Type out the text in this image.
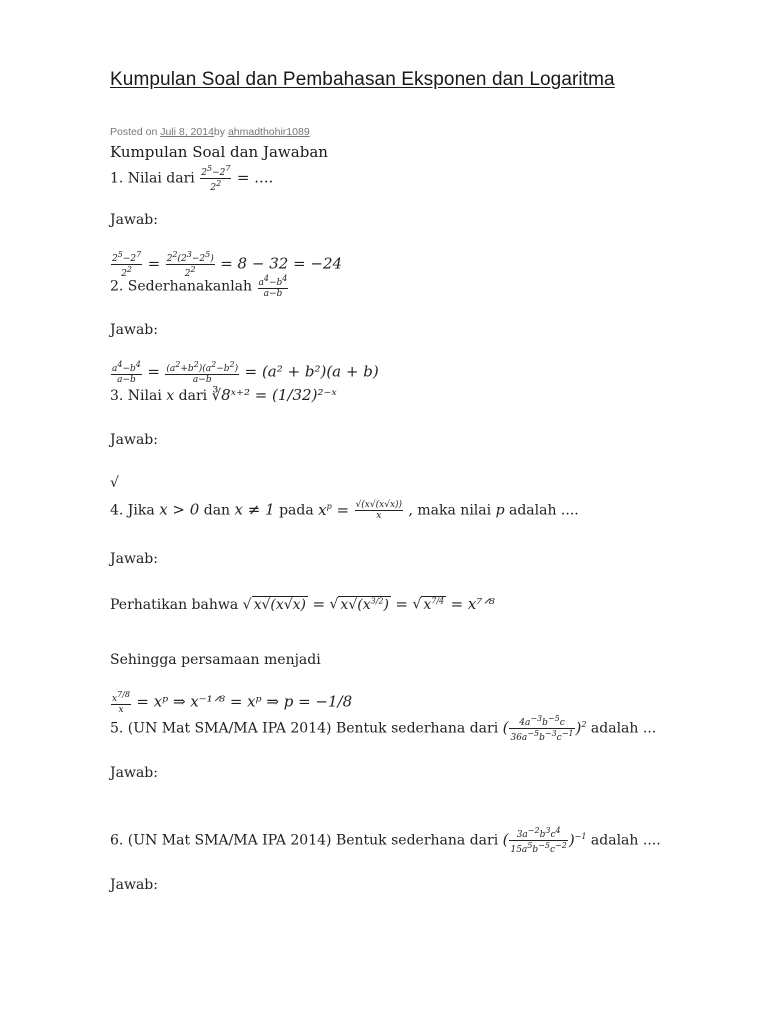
Kumpulan Soal dan Pembahasan Eksponen dan Logaritma
Posted on Juli 8, 2014by ahmadthohir1089
Kumpulan Soal dan Jawaban
1. Nilai dari $\frac{2^5-2^7}{2^2}$ = ....
Jawab:
$\frac{2^5-2^7}{2^2} = \frac{2^2(2^3-2^5)}{2^2} = 8 - 32 = -24$
2. Sederhanakanlah $\frac{a^4-b^4}{a-b}$
Jawab:
$\frac{a^4-b^4}{a-b} = \frac{(a^2+b^2)(a^2-b^2)}{a-b} = (a^2 + b^2)(a + b)$
3. Nilai x dari ∛8ˣ⁺² = (1/32)²⁻ˣ
Jawab:
√
4. Jika x > 0 dan x ≠ 1 pada $x^p = \frac{√(x√(x√x))}{x}$ , maka nilai p adalah ....
Jawab:
Perhatikan bahwa √ x√(x√x) = √ $x√(x^{3/2})$ = √ $x^{7/4}$ = x⁷ᐟ⁸
Sehingga persamaan menjadi
$\frac{x^{7/8}}{x}$ = xᵖ ⇒ x⁻¹ᐟ⁸ = xᵖ ⇒ p = −1/8
5. (UN Mat SMA/MA IPA 2014) Bentuk sederhana dari ( $\frac{4a^{-3}b^{-5}c}{36a^{-5}b^{-3}c^{-1}} )^2$ adalah ...
Jawab:
6. (UN Mat SMA/MA IPA 2014) Bentuk sederhana dari ( $\frac{3a^{-2}b^3c^4}{15a^5b^{-5}c^{-2}} )^{-1}$ adalah ....
Jawab:
